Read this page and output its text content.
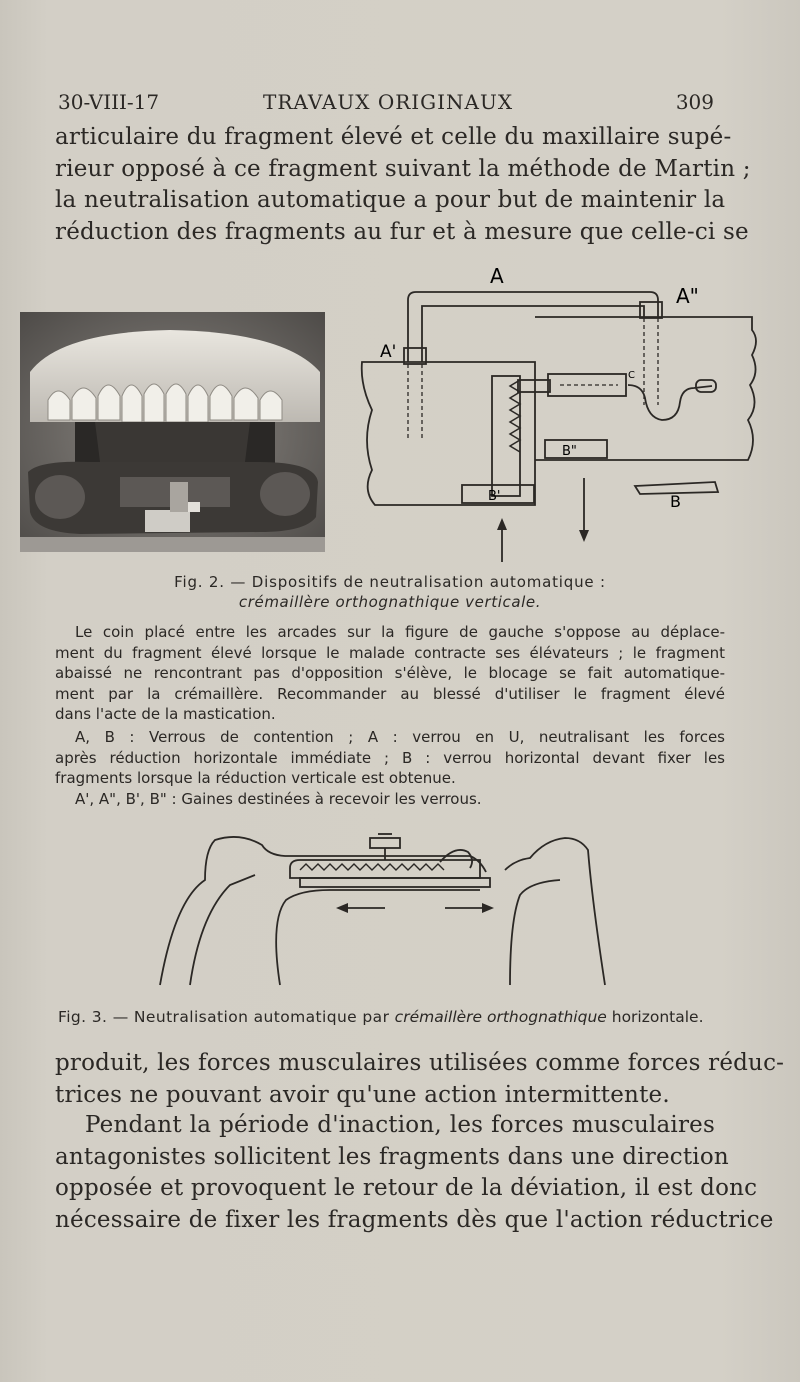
30-VIII-17	TRAVAUX ORIGINAUX	309

articulaire du fragment élevé et celle du maxillaire supé-
rieur opposé à ce fragment suivant la méthode de Martin ;
la neutralisation automatique a pour but de maintenir la
réduction des fragments au fur et à mesure que celle-ci se

A
A"
A'
B
B'
B"
C

Fig. 2. — Dispositifs de neutralisation automatique :
crémaillère orthognathique verticale.

Le coin placé entre les arcades sur la figure de gauche s'oppose au déplace-
ment du fragment élevé lorsque le malade contracte ses élévateurs ; le fragment
abaissé ne rencontrant pas d'opposition s'élève, le blocage se fait automatique-
ment par la crémaillère. Recommander au blessé d'utiliser le fragment élevé
dans l'acte de la mastication.

A, B : Verrous de contention ; A : verrou en U, neutralisant les forces
après réduction horizontale immédiate ; B : verrou horizontal devant fixer les
fragments lorsque la réduction verticale est obtenue.
A', A", B', B" : Gaines destinées à recevoir les verrous.

Fig. 3. — Neutralisation automatique par crémaillère orthognathique horizontale.

produit, les forces musculaires utilisées comme forces réduc-
trices ne pouvant avoir qu'une action intermittente.

Pendant la période d'inaction, les forces musculaires
antagonistes sollicitent les fragments dans une direction
opposée et provoquent le retour de la déviation, il est donc
nécessaire de fixer les fragments dès que l'action réductrice
